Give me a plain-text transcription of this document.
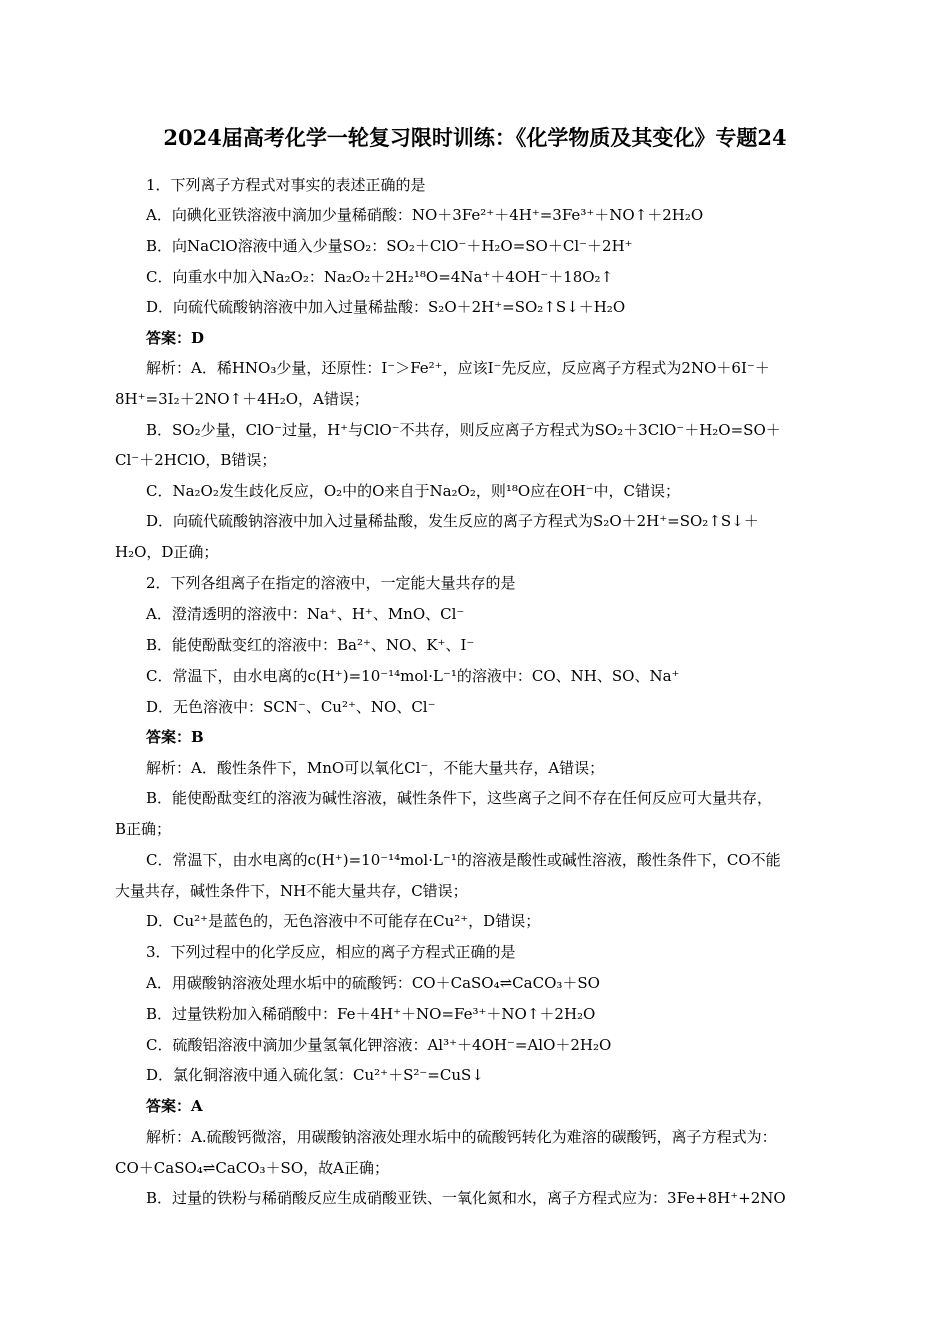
2024届高考化学一轮复习限时训练：《化学物质及其变化》专题24
1．下列离子方程式对事实的表述正确的是
A．向碘化亚铁溶液中滴加少量稀硝酸：NO＋3Fe²⁺＋4H⁺=3Fe³⁺＋NO↑＋2H₂O
B．向NaClO溶液中通入少量SO₂：SO₂＋ClO⁻＋H₂O=SO＋Cl⁻＋2H⁺
C．向重水中加入Na₂O₂：Na₂O₂＋2H₂¹⁸O=4Na⁺＋4OH⁻＋18O₂↑
D．向硫代硫酸钠溶液中加入过量稀盐酸：S₂O＋2H⁺=SO₂↑S↓＋H₂O
答案：D
解析：A．稀HNO₃少量，还原性：I⁻＞Fe²⁺，应该I⁻先反应，反应离子方程式为2NO＋6I⁻＋
8H⁺=3I₂＋2NO↑＋4H₂O，A错误；
B．SO₂少量，ClO⁻过量，H⁺与ClO⁻不共存，则反应离子方程式为SO₂＋3ClO⁻＋H₂O=SO＋
Cl⁻＋2HClO，B错误；
C．Na₂O₂发生歧化反应，O₂中的O来自于Na₂O₂，则¹⁸O应在OH⁻中，C错误；
D．向硫代硫酸钠溶液中加入过量稀盐酸，发生反应的离子方程式为S₂O＋2H⁺=SO₂↑S↓＋
H₂O，D正确；
2．下列各组离子在指定的溶液中，一定能大量共存的是
A．澄清透明的溶液中：Na⁺、H⁺、MnO、Cl⁻
B．能使酚酞变红的溶液中：Ba²⁺、NO、K⁺、I⁻
C．常温下，由水电离的c(H⁺)=10⁻¹⁴mol·L⁻¹的溶液中：CO、NH、SO、Na⁺
D．无色溶液中：SCN⁻、Cu²⁺、NO、Cl⁻
答案：B
解析：A．酸性条件下，MnO可以氧化Cl⁻，不能大量共存，A错误；
B．能使酚酞变红的溶液为碱性溶液，碱性条件下，这些离子之间不存在任何反应可大量共存，
B正确；
C．常温下，由水电离的c(H⁺)=10⁻¹⁴mol·L⁻¹的溶液是酸性或碱性溶液，酸性条件下，CO不能
大量共存，碱性条件下，NH不能大量共存，C错误；
D．Cu²⁺是蓝色的，无色溶液中不可能存在Cu²⁺，D错误；
3．下列过程中的化学反应，相应的离子方程式正确的是
A．用碳酸钠溶液处理水垢中的硫酸钙：CO＋CaSO₄⇌CaCO₃＋SO
B．过量铁粉加入稀硝酸中：Fe＋4H⁺＋NO=Fe³⁺＋NO↑＋2H₂O
C．硫酸铝溶液中滴加少量氢氧化钾溶液：Al³⁺＋4OH⁻=AlO＋2H₂O
D．氯化铜溶液中通入硫化氢：Cu²⁺＋S²⁻=CuS↓
答案：A
解析：A.硫酸钙微溶，用碳酸钠溶液处理水垢中的硫酸钙转化为难溶的碳酸钙，离子方程式为：
CO＋CaSO₄⇌CaCO₃＋SO，故A正确；
B．过量的铁粉与稀硝酸反应生成硝酸亚铁、一氧化氮和水，离子方程式应为：3Fe+8H⁺+2NO
